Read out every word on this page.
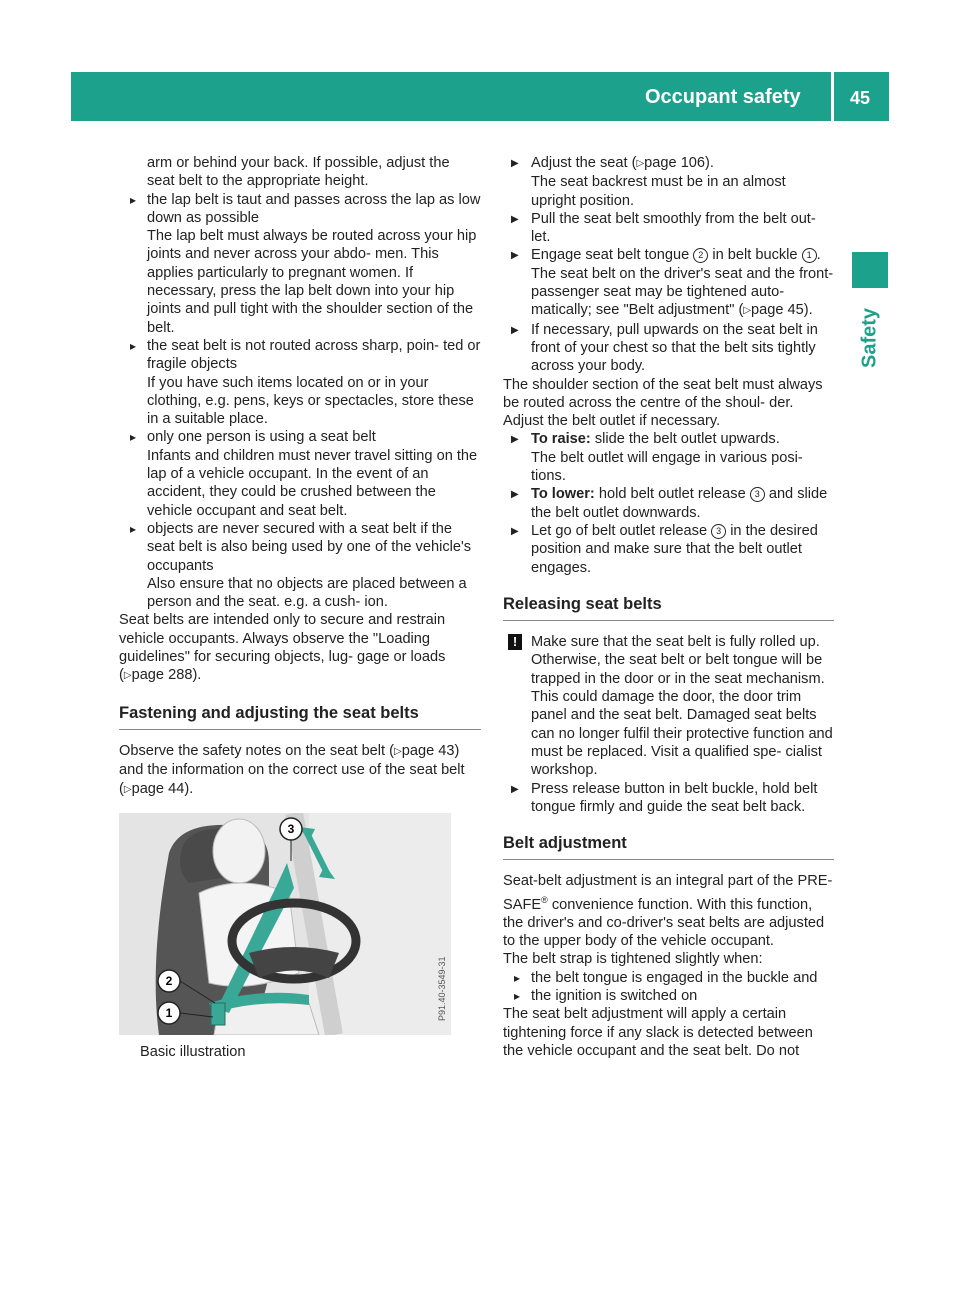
Occupant safety	45
Safety

arm or behind your back. If possible, adjust the seat belt to the appropriate height.

▸ the lap belt is taut and passes across the lap as low down as possible

The lap belt must always be routed across your hip joints and never across your abdo- men. This applies particularly to pregnant women. If necessary, press the lap belt down into your hip joints and pull tight with the shoulder section of the belt.

▸ the seat belt is not routed across sharp, poin- ted or fragile objects

If you have such items located on or in your clothing, e.g. pens, keys or spectacles, store these in a suitable place.

▸ only one person is using a seat belt

Infants and children must never travel sitting on the lap of a vehicle occupant. In the event of an accident, they could be crushed between the vehicle occupant and seat belt.

▸ objects are never secured with a seat belt if the seat belt is also being used by one of the vehicle's occupants

Also ensure that no objects are placed between a person and the seat. e.g. a cush- ion.

Seat belts are intended only to secure and restrain vehicle occupants. Always observe the "Loading guidelines" for securing objects, lug- gage or loads (▷page 288).

Fastening and adjusting the seat belts

Observe the safety notes on the seat belt (▷page 43) and the information on the correct use of the seat belt (▷page 44).

3
2
1	P91.40-3549-31

Basic illustration

▶ Adjust the seat (▷page 106).

The seat backrest must be in an almost upright position.

▶ Pull the seat belt smoothly from the belt out- let.

▶ Engage seat belt tongue 2 in belt buckle 1 .

The seat belt on the driver's seat and the front-passenger seat may be tightened auto- matically; see "Belt adjustment" (▷page 45).

▶ If necessary, pull upwards on the seat belt in front of your chest so that the belt sits tightly across your body.

The shoulder section of the seat belt must always be routed across the centre of the shoul- der. Adjust the belt outlet if necessary.

▶ To raise: slide the belt outlet upwards.

The belt outlet will engage in various posi- tions.

▶ To lower: hold belt outlet release 3 and slide the belt outlet downwards.

▶ Let go of belt outlet release 3 in the desired position and make sure that the belt outlet engages.

Releasing seat belts

! Make sure that the seat belt is fully rolled up. Otherwise, the seat belt or belt tongue will be trapped in the door or in the seat mechanism. This could damage the door, the door trim panel and the seat belt. Damaged seat belts can no longer fulfil their protective function and must be replaced. Visit a qualified spe- cialist workshop.

▶ Press release button in belt buckle, hold belt tongue firmly and guide the seat belt back.

Belt adjustment

Seat-belt adjustment is an integral part of the PRE-SAFE® convenience function. With this function, the driver's and co-driver's seat belts are adjusted to the upper body of the vehicle occupant.

The belt strap is tightened slightly when:

▸ the belt tongue is engaged in the buckle and

▸ the ignition is switched on

The seat belt adjustment will apply a certain tightening force if any slack is detected between the vehicle occupant and the seat belt. Do not
